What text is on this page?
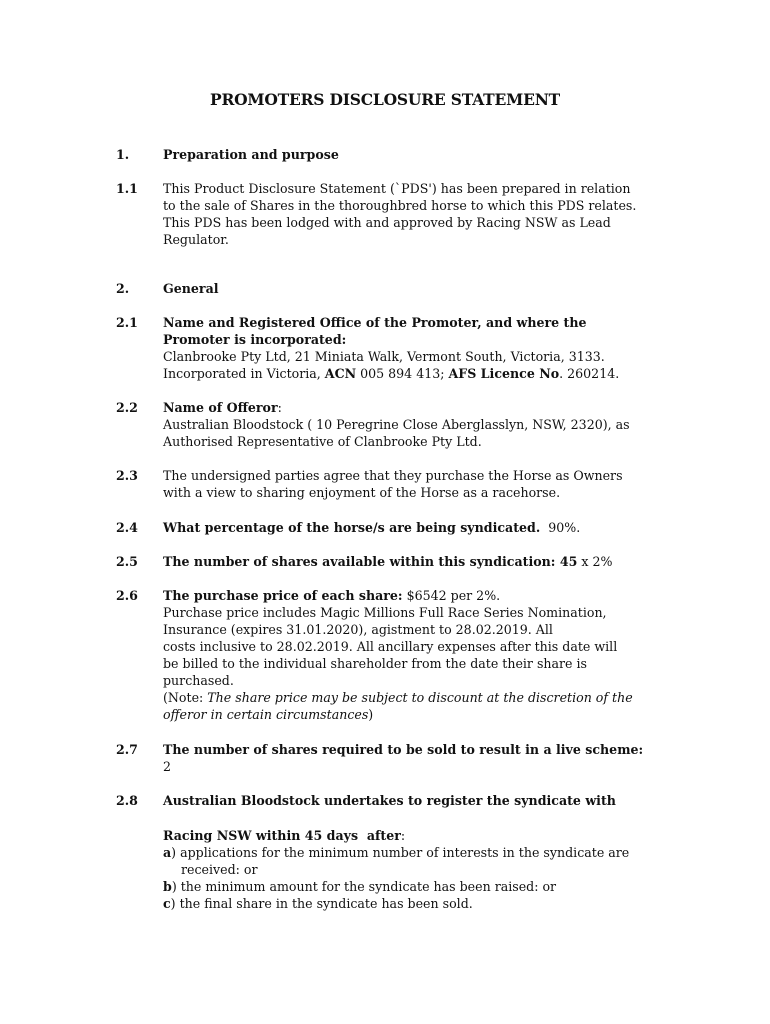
PROMOTERS DISCLOSURE STATEMENT
1.	Preparation and purpose
1.1 This Product Disclosure Statement (`PDS') has been prepared in relation
to the sale of Shares in the thoroughbred horse to which this PDS relates.
This PDS has been lodged with and approved by Racing NSW as Lead
Regulator.
2.	General
2.1 Name and Registered Office of the Promoter, and where the
Promoter is incorporated:
Clanbrooke Pty Ltd, 21 Miniata Walk, Vermont South, Victoria, 3133.
Incorporated in Victoria, ACN 005 894 413; AFS Licence No. 260214.
2.2 Name of Offeror:
Australian Bloodstock ( 10 Peregrine Close Aberglasslyn, NSW, 2320), as
Authorised Representative of Clanbrooke Pty Ltd.
2.3 The undersigned parties agree that they purchase the Horse as Owners
with a view to sharing enjoyment of the Horse as a racehorse.
2.4 What percentage of the horse/s are being syndicated.  90%.
2.5 The number of shares available within this syndication: 45 x 2%
2.6 The purchase price of each share: $6542 per 2%.
Purchase price includes Magic Millions Full Race Series Nomination,
Insurance (expires 31.01.2020), agistment to 28.02.2019. All
costs inclusive to 28.02.2019. All ancillary expenses after this date will
be billed to the individual shareholder from the date their share is
purchased.
(Note: The share price may be subject to discount at the discretion of the
offeror in certain circumstances)
2.7 The number of shares required to be sold to result in a live scheme:
2
2.8 Australian Bloodstock undertakes to register the syndicate with
Racing NSW within 45 days  after:
a) applications for the minimum number of interests in the syndicate are
received: or
b) the minimum amount for the syndicate has been raised: or
c) the final share in the syndicate has been sold.
